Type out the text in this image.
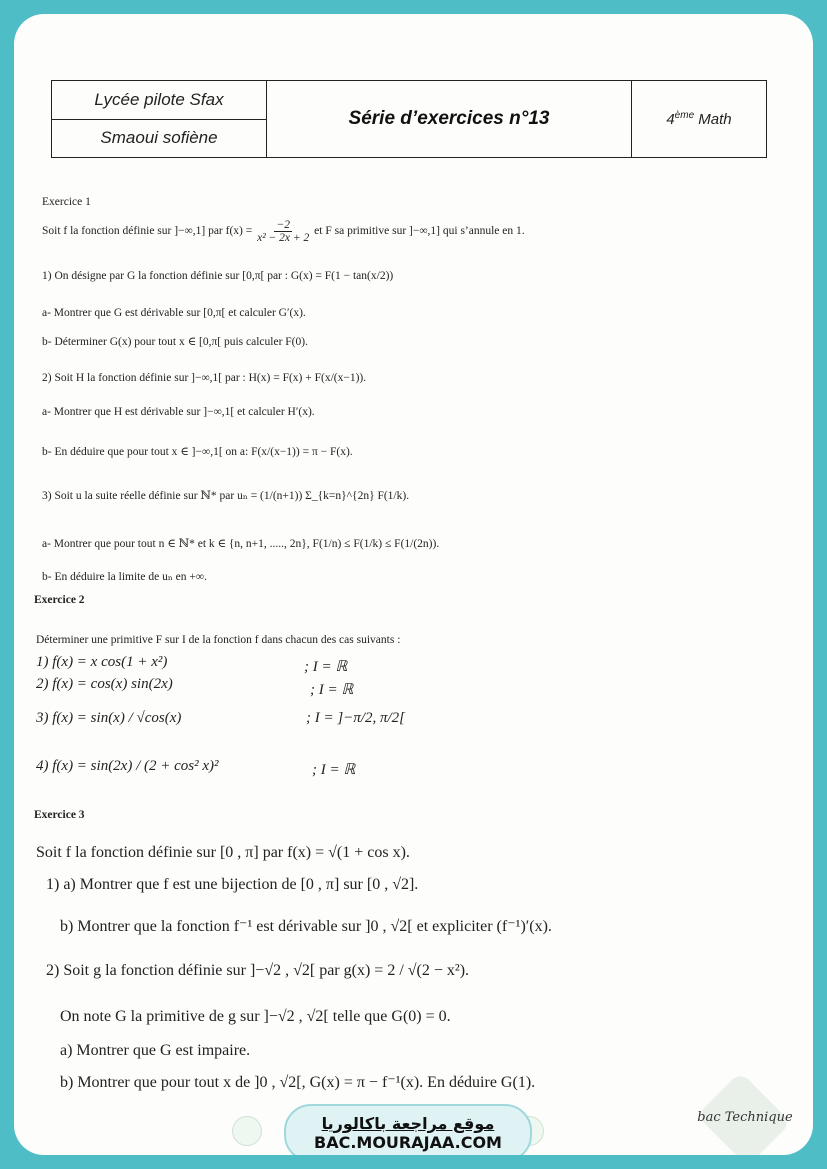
Lycée pilote Sfax
Smaoui sofiène
Série d’exercices n°13	4ème Math
Exercice 1
Soit f la fonction définie sur ]−∞,1] par $f(x) = \frac{-2}{\text{x² − 2x + 2}}$ et F sa primitive sur ]−∞,1] qui s’annule en 1.
1) On désigne par G la fonction définie sur [0,π[ par : G(x) = F(1 − tan(x/2))
a- Montrer que G est dérivable sur [0,π[ et calculer G′(x).
b- Déterminer G(x) pour tout x ∈ [0,π[ puis calculer F(0).
2) Soit H la fonction définie sur ]−∞,1[ par : H(x) = F(x) + F(x/(x−1)).
a- Montrer que H est dérivable sur ]−∞,1[ et calculer H′(x).
b- En déduire que pour tout x ∈ ]−∞,1[ on a: F(x/(x−1)) = π − F(x).
3) Soit u la suite réelle définie sur ℕ* par uₙ = (1/(n+1)) Σ_{k=n}^{2n} F(1/k).
a- Montrer que pour tout n ∈ ℕ* et k ∈ {n, n+1, ....., 2n}, F(1/n) ≤ F(1/k) ≤ F(1/(2n)).
b- En déduire la limite de uₙ en +∞.
Exercice 2
Déterminer une primitive F sur I de la fonction f dans chacun des cas suivants :
1) f(x) = x cos(1 + x²)	; I = ℝ
2) f(x) = cos(x) sin(2x)	; I = ℝ
3) f(x) = sin(x) / √cos(x)	; I = ]−π/2, π/2[
4) f(x) = sin(2x) / (2 + cos² x)²	; I = ℝ
Exercice 3
Soit f la fonction définie sur [0 , π] par f(x) = √(1 + cos x).
1) a) Montrer que f est une bijection de [0 , π] sur [0 , √2].
b) Montrer que la fonction f⁻¹ est dérivable sur ]0 , √2[ et expliciter (f⁻¹)′(x).
2) Soit g la fonction définie sur ]−√2 , √2[ par g(x) = 2 / √(2 − x²).
On note G la primitive de g sur ]−√2 , √2[ telle que G(0) = 0.
a) Montrer que G est impaire.
b) Montrer que pour tout x de ]0 , √2[, G(x) = π − f⁻¹(x). En déduire G(1).
موقع مراجعة باكالوريا
BAC.MOURAJAA.COM
bac Technique
